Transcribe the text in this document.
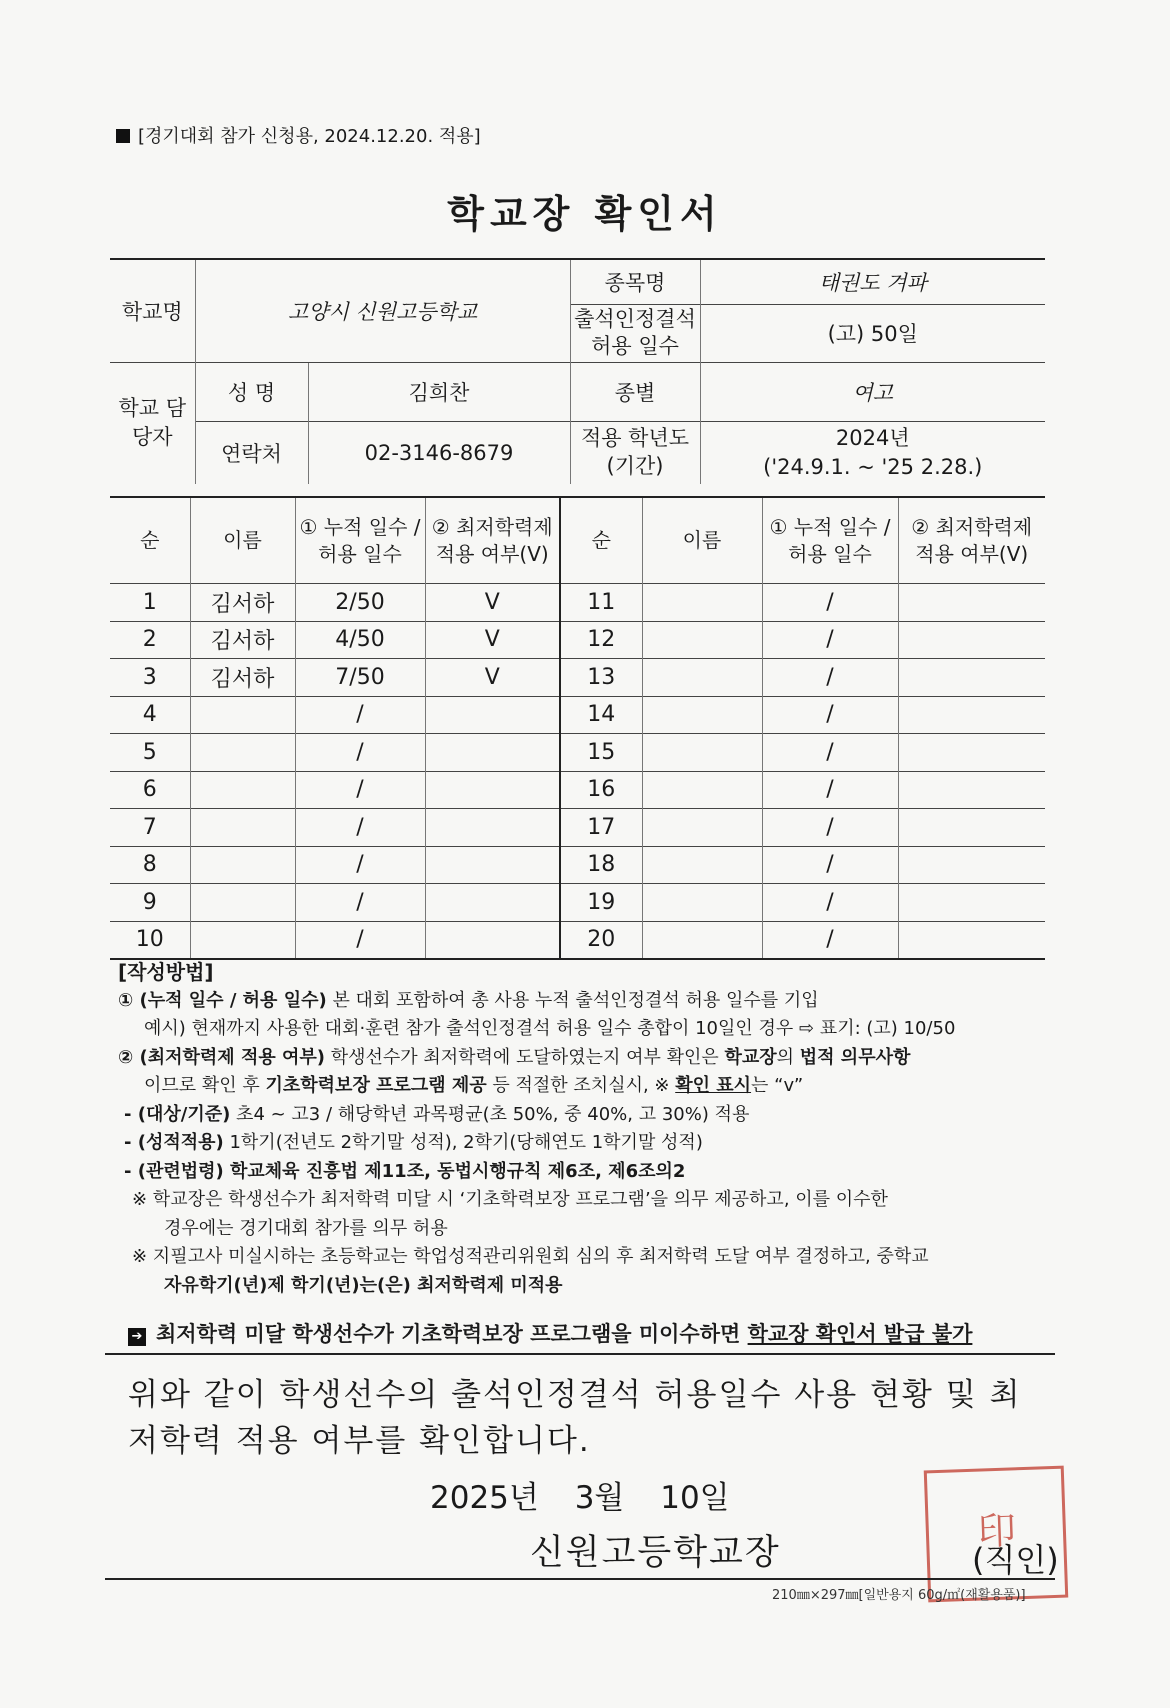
[경기대회 참가 신청용, 2024.12.20. 적용]
학교장 확인서
학교명	고양시 신원고등학교		종목명	태권도 겨파
			출석인정결석 허용 일수	(고) 50일
학교 담당자	성 명	김희찬	종별	여고
	연락처	02-3146-8679	적용 학년도 (기간)	2024년
('24.9.1. ~ '25 2.28.)
순	이름	① 누적 일수 /허용 일수	② 최저학력제 적용 여부(V)	순	이름	① 누적 일수 / 허용 일수	② 최저학력제 적용 여부(V)
1	김서하	2/50	V	11		/	
2	김서하	4/50	V	12		/	
3	김서하	7/50	V	13		/	
4		/		14		/	
5		/		15		/	
6		/		16		/	
7		/		17		/	
8		/		18		/	
9		/		19		/	
10		/		20		/	
[작성방법]
① (누적 일수 / 허용 일수) 본 대회 포함하여 총 사용 누적 출석인정결석 허용 일수를 기입
예시) 현재까지 사용한 대회·훈련 참가 출석인정결석 허용 일수 총합이 10일인 경우 ⇨ 표기: (고) 10/50
② (최저학력제 적용 여부) 학생선수가 최저학력에 도달하였는지 여부 확인은 학교장의 법적 의무사항
이므로 확인 후 기초학력보장 프로그램 제공 등 적절한 조치실시, ※ 확인 표시는 “v”
- (대상/기준) 초4 ~ 고3 / 해당학년 과목평균(초 50%, 중 40%, 고 30%) 적용
- (성적적용) 1학기(전년도 2학기말 성적), 2학기(당해연도 1학기말 성적)
- (관련법령) 학교체육 진흥법 제11조, 동법시행규칙 제6조, 제6조의2
※ 학교장은 학생선수가 최저학력 미달 시 ‘기초학력보장 프로그램’을 의무 제공하고, 이를 이수한
경우에는 경기대회 참가를 의무 허용
※ 지필고사 미실시하는 초등학교는 학업성적관리위원회 심의 후 최저학력 도달 여부 결정하고, 중학교
자유학기(년)제 학기(년)는(은) 최저학력제 미적용
➔ 최저학력 미달 학생선수가 기초학력보장 프로그램을 미이수하면 학교장 확인서 발급 불가
위와 같이 학생선수의 출석인정결석 허용일수 사용 현황 및 최저학력 적용 여부를 확인합니다.
2025년 3월 10일
신원고등학교장	印
(직인)
210㎜×297㎜[일반용지 60g/㎡(재활용품)]
